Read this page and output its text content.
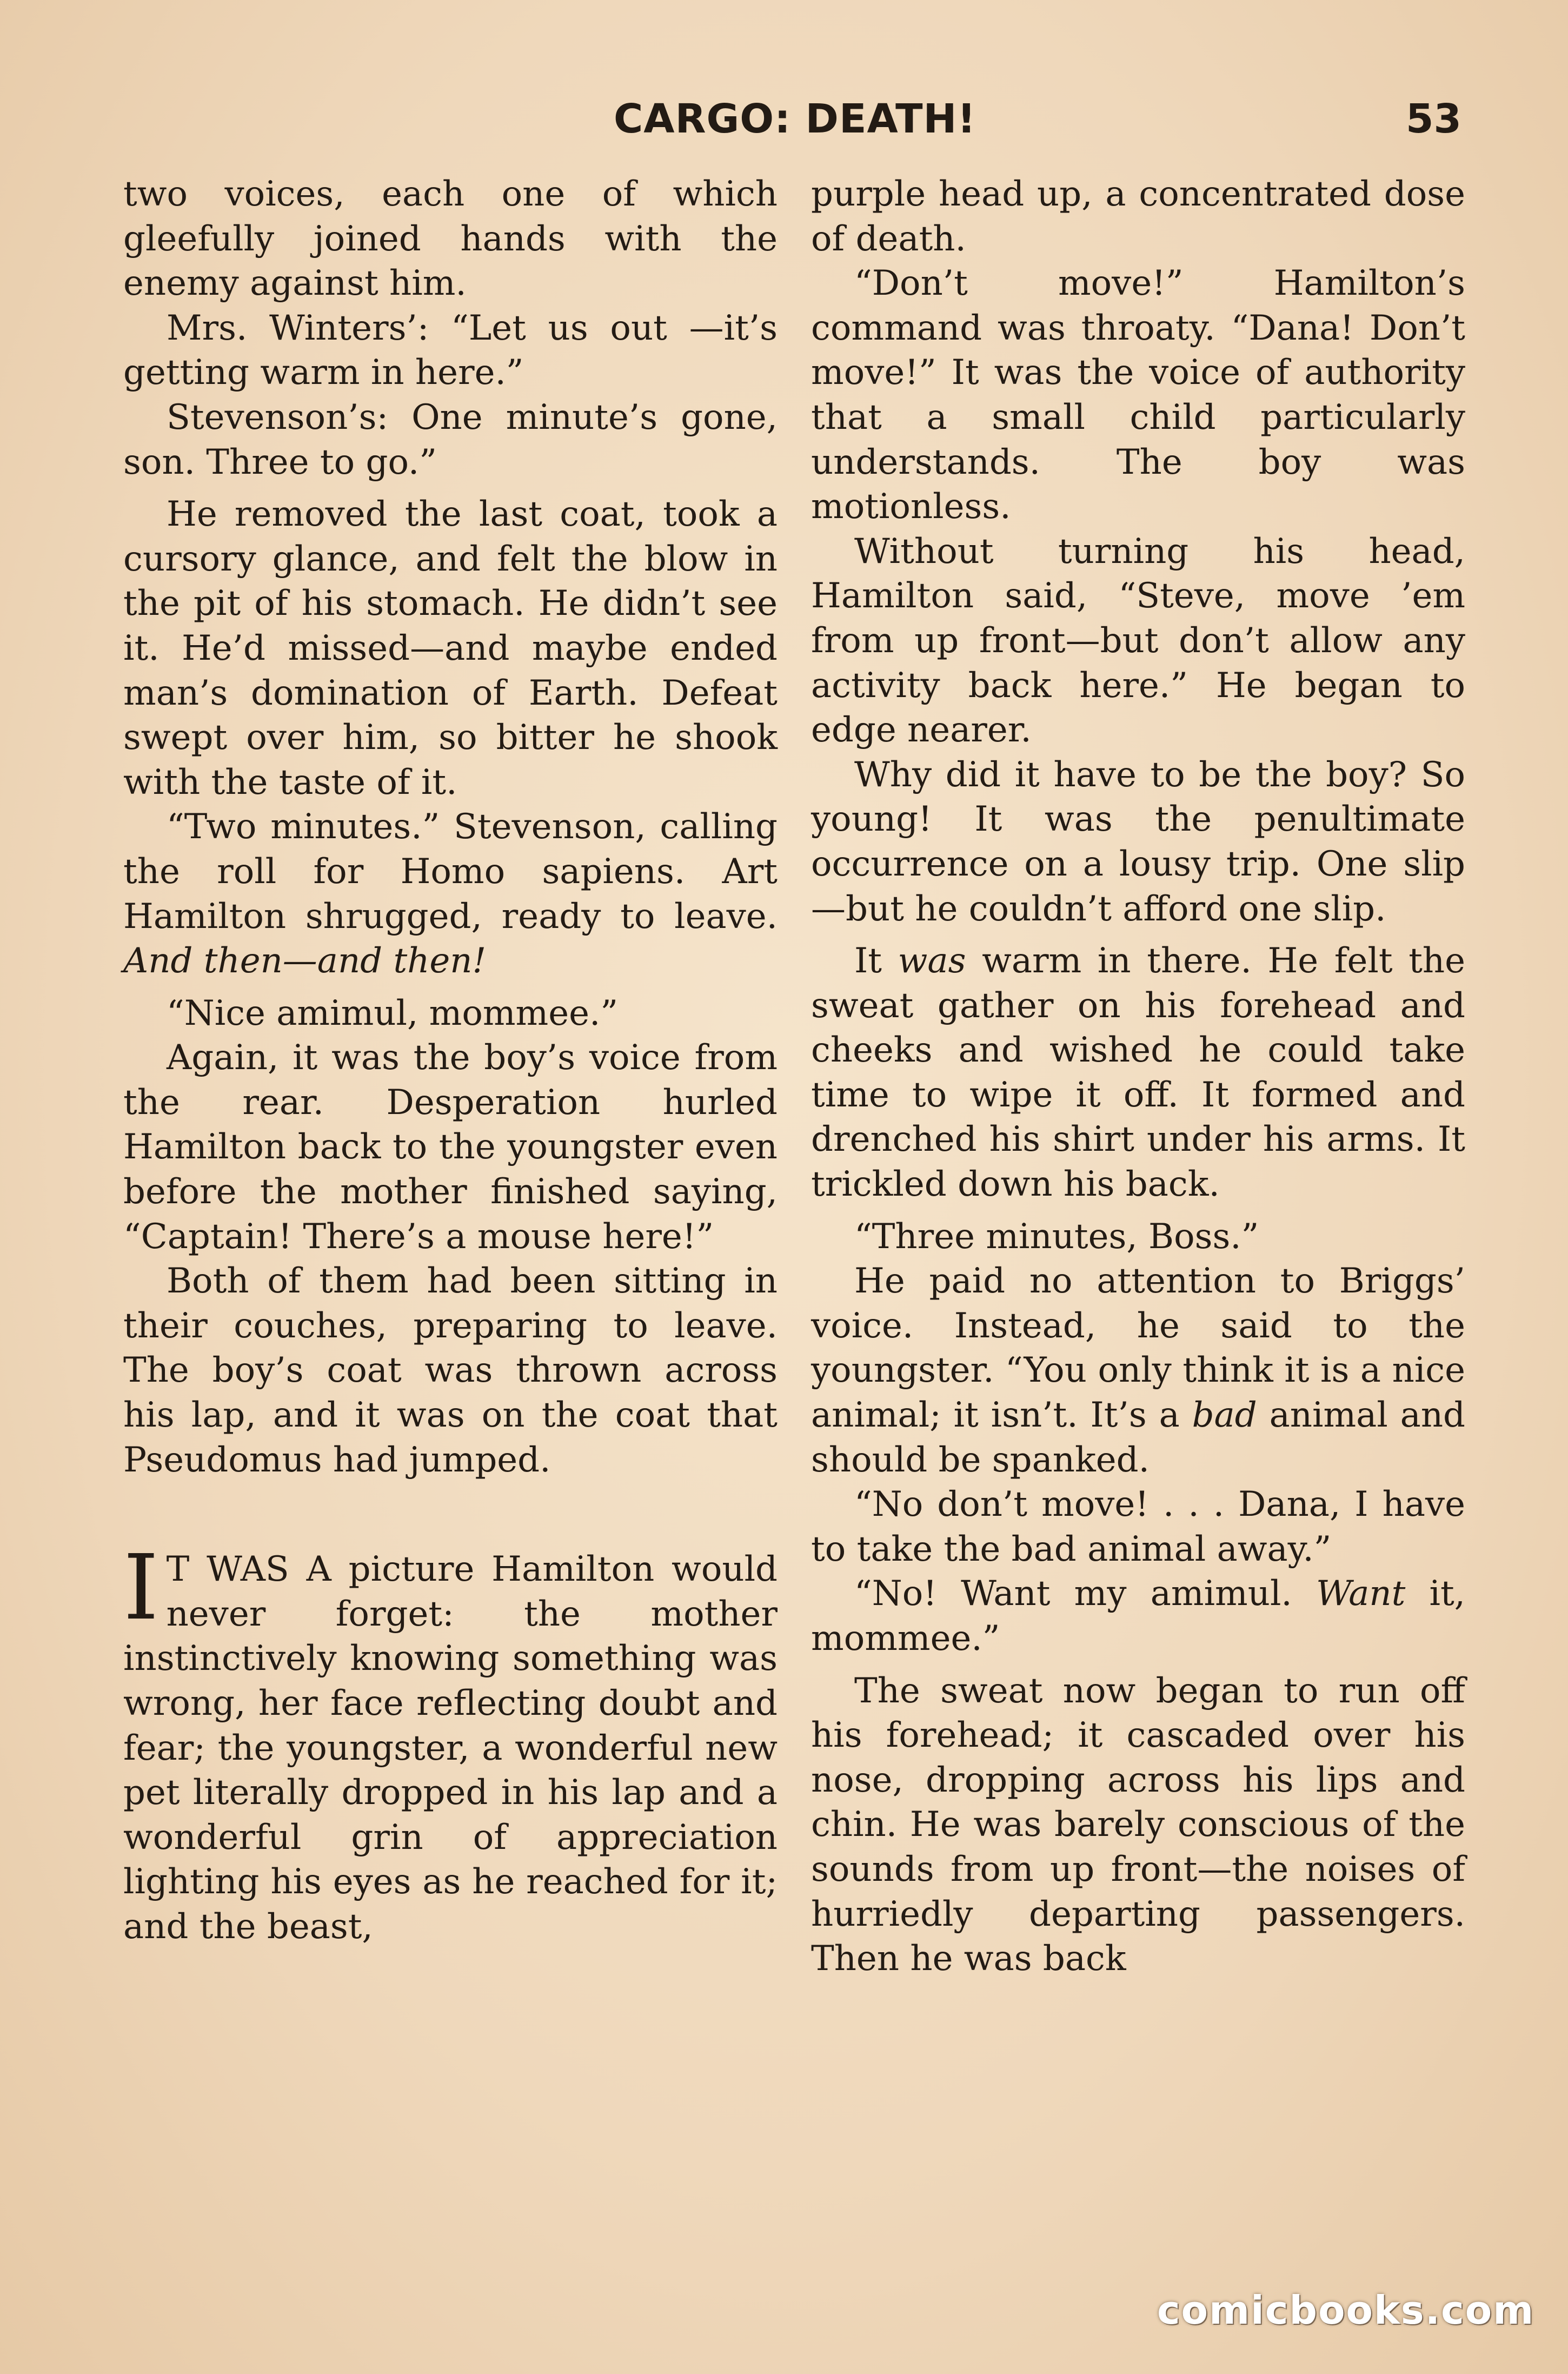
CARGO: DEATH!	53

two voices, each one of which gleefully joined hands with the enemy against him.

Mrs. Winters’: “Let us out —it’s getting warm in here.”

Stevenson’s: One minute’s gone, son. Three to go.”

He removed the last coat, took a cursory glance, and felt the blow in the pit of his stomach. He didn’t see it. He’d missed—and maybe ended man’s domination of Earth. Defeat swept over him, so bitter he shook with the taste of it.

“Two minutes.” Stevenson, calling the roll for Homo sapiens. Art Hamilton shrugged, ready to leave. And then—and then!

“Nice amimul, mommee.”

Again, it was the boy’s voice from the rear. Desperation hurled Hamilton back to the youngster even before the mother finished saying, “Captain! There’s a mouse here!”

Both of them had been sitting in their couches, preparing to leave. The boy’s coat was thrown across his lap, and it was on the coat that Pseudomus had jumped.

I T WAS A picture Hamilton would never forget: the mother instinctively knowing something was wrong, her face reflecting doubt and fear; the youngster, a wonderful new pet literally dropped in his lap and a wonderful grin of appreciation lighting his eyes as he reached for it; and the beast,

purple head up, a concentrated dose of death.

“Don’t move!” Hamilton’s command was throaty. “Dana! Don’t move!” It was the voice of authority that a small child particularly understands. The boy was motionless.

Without turning his head, Hamilton said, “Steve, move ’em from up front—but don’t allow any activity back here.” He began to edge nearer.

Why did it have to be the boy? So young! It was the penultimate occurrence on a lousy trip. One slip—but he couldn’t afford one slip.

It was warm in there. He felt the sweat gather on his forehead and cheeks and wished he could take time to wipe it off. It formed and drenched his shirt under his arms. It trickled down his back.

“Three minutes, Boss.”

He paid no attention to Briggs’ voice. Instead, he said to the youngster. “You only think it is a nice animal; it isn’t. It’s a bad animal and should be spanked.

“No don’t move! . . . Dana, I have to take the bad animal away.”

“No! Want my amimul. Want it, mommee.”

The sweat now began to run off his forehead; it cascaded over his nose, dropping across his lips and chin. He was barely conscious of the sounds from up front—the noises of hurriedly departing passengers. Then he was back

comicbooks.com
